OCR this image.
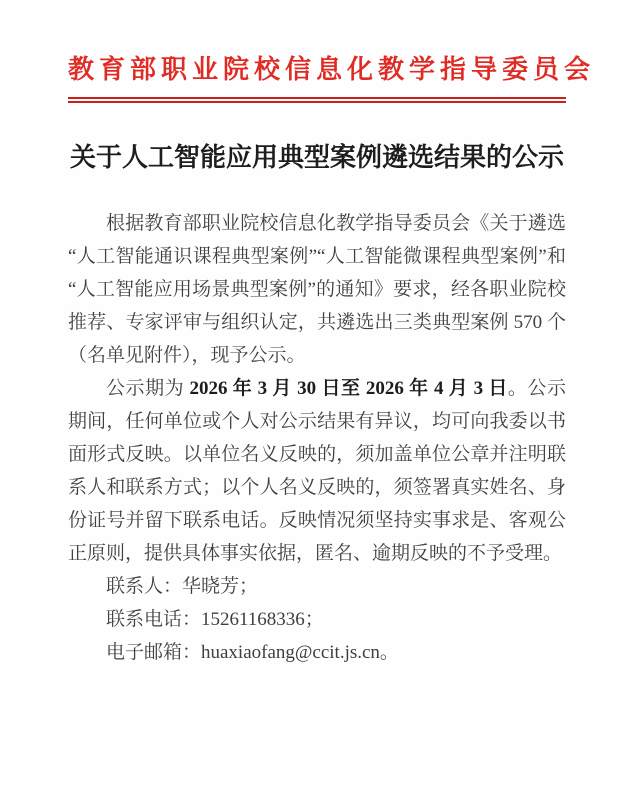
教育部职业院校信息化教学指导委员会
关于人工智能应用典型案例遴选结果的公示

根据教育部职业院校信息化教学指导委员会《关于遴选“人工智能通识课程典型案例”“人工智能微课程典型案例”和“人工智能应用场景典型案例”的通知》要求，经各职业院校推荐、专家评审与组织认定，共遴选出三类典型案例 570 个（名单见附件），现予公示。

公示期为 2026 年 3 月 30 日至 2026 年 4 月 3 日。公示期间，任何单位或个人对公示结果有异议，均可向我委以书面形式反映。以单位名义反映的，须加盖单位公章并注明联系人和联系方式；以个人名义反映的，须签署真实姓名、身份证号并留下联系电话。反映情况须坚持实事求是、客观公正原则，提供具体事实依据，匿名、逾期反映的不予受理。

联系人：华晓芳；

联系电话：15261168336；

电子邮箱：huaxiaofang@ccit.js.cn。
